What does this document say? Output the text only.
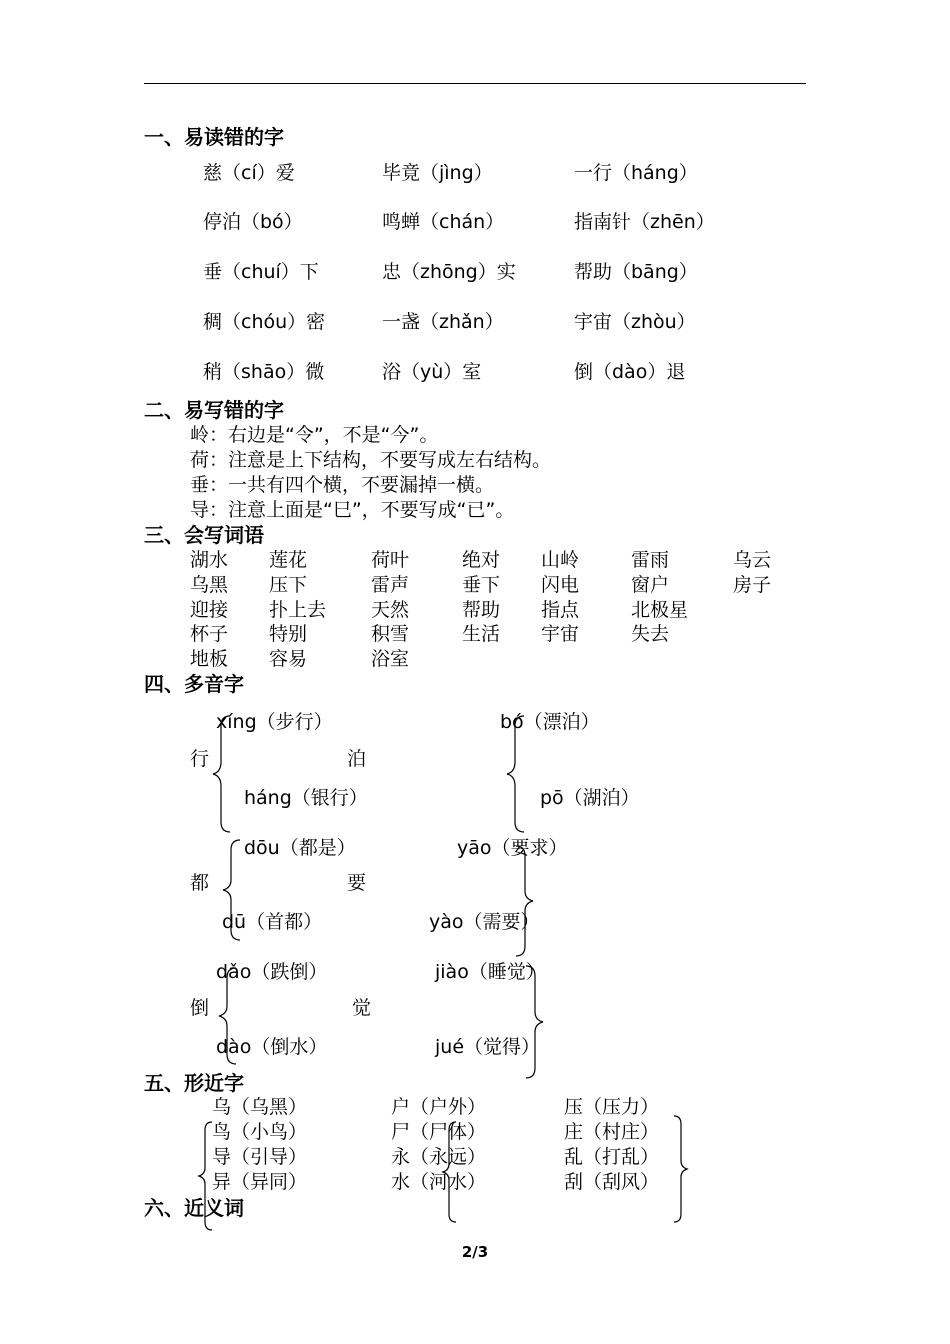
一、易读错的字
慈（cí）爱	毕竟（jìng）	一行（háng）
停泊（bó）	鸣蝉（chán）	指南针（zhēn）
垂（chuí）下	忠（zhōng）实	帮助（bāng）
稠（chóu）密	一盏（zhǎn）	宇宙（zhòu）
稍（shāo）微	浴（yù）室	倒（dào）退
二、易写错的字
岭：右边是“令”，不是“今”。
荷：注意是上下结构，不要写成左右结构。
垂：一共有四个横，不要漏掉一横。
导：注意上面是“巳”，不要写成“已”。
三、会写词语
湖水 莲花	荷叶	绝对 山岭	雷雨	乌云
乌黑 压下	雷声	垂下 闪电	窗户	房子
迎接 扑上去 天然	帮助 指点	北极星
杯子 特别	积雪	生活 宇宙	失去
地板 容易	浴室
四、多音字
xíng（步行）
行
háng（银行）
泊
bó（漂泊）
pō（湖泊）
dōu（都是）
都
dū（首都）
要
yāo（要求）
yào（需要）
dǎo（跌倒）
倒
dào（倒水）
觉
jiào（睡觉）
jué（觉得）
五、形近字
乌（乌黑）	户（户外）	压（压力）
鸟（小鸟）	尸（尸体）	庄（村庄）
导（引导）	永（永远）	乱（打乱）
异（异同）	水（河水）	刮（刮风）
六、近义词
2/3
